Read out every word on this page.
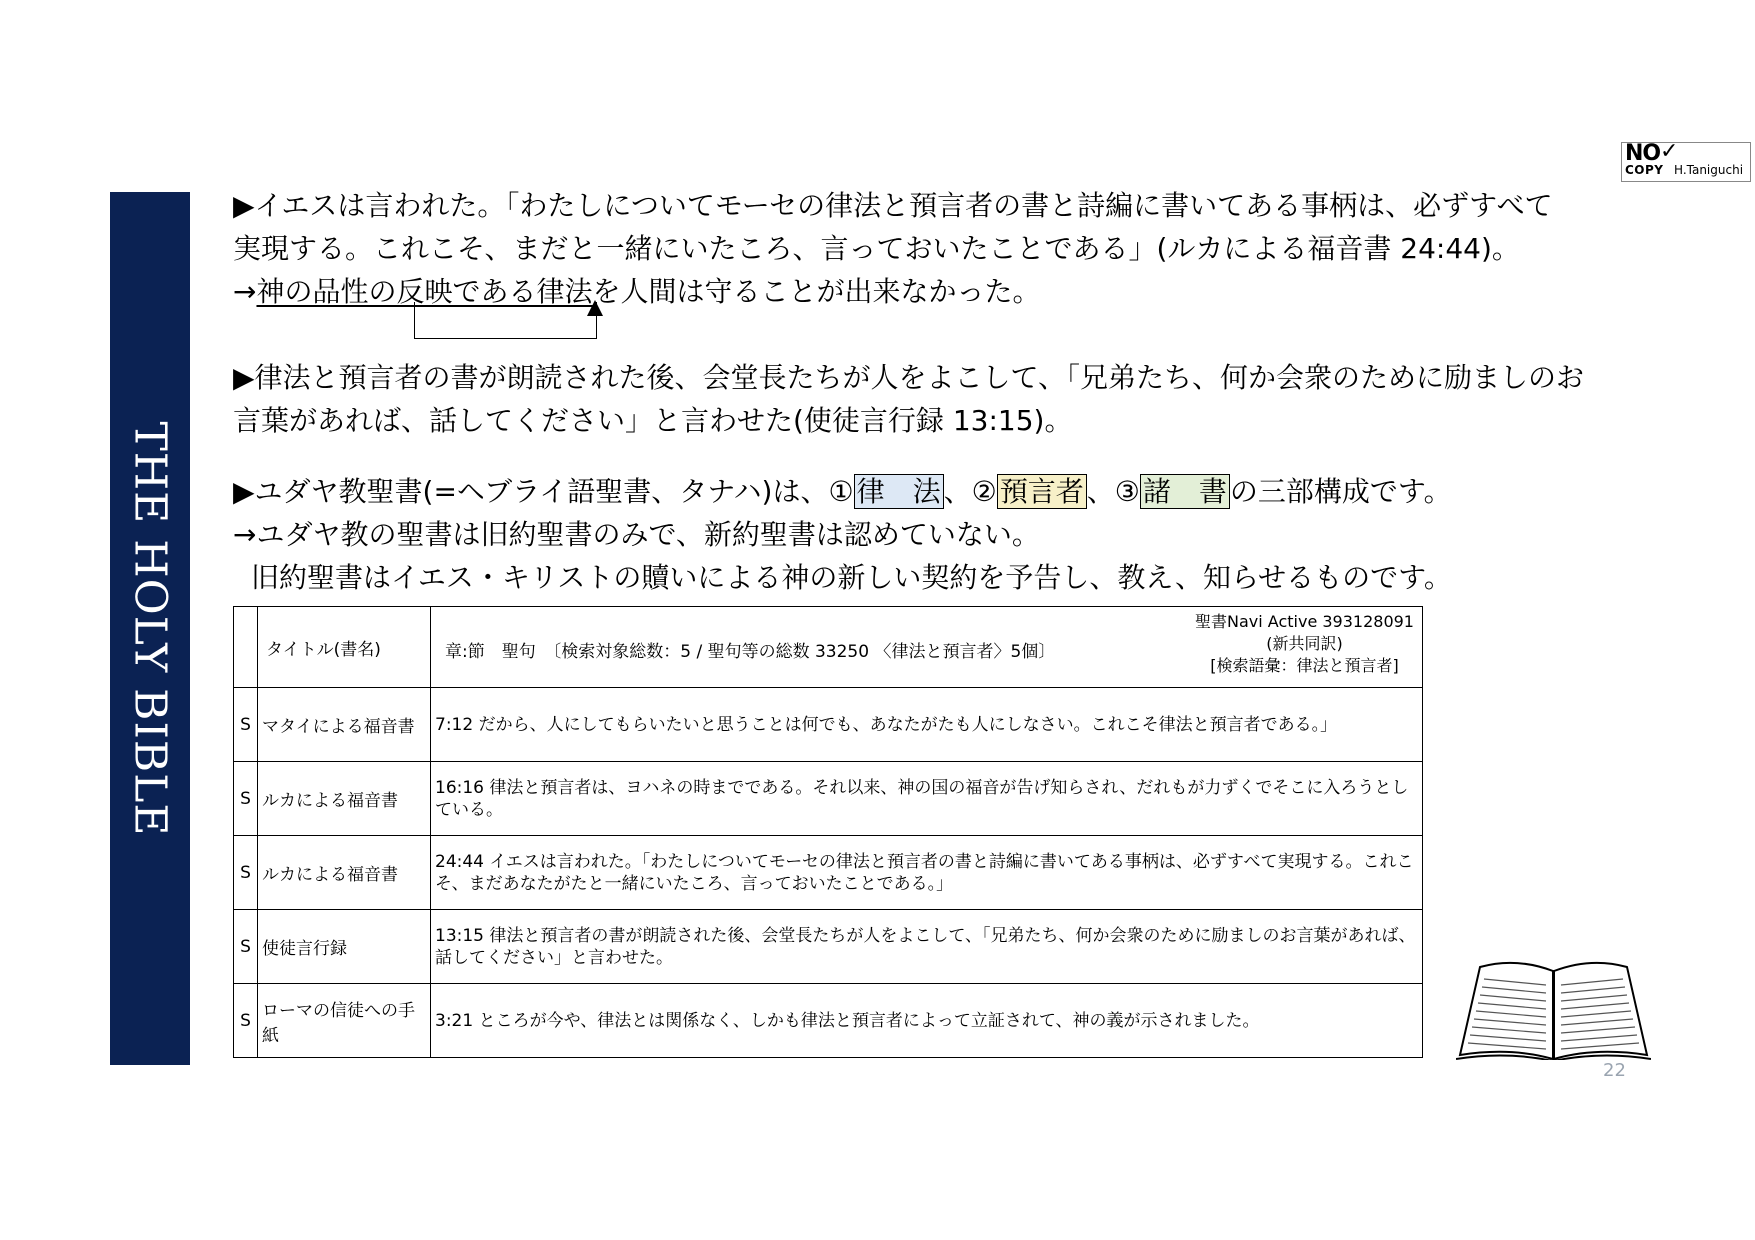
THE HOLY BIBLE
NO ✓
COPY H.Taniguchi
▶イエスは言われた。「わたしについてモーセの律法と預言者の書と詩編に書いてある事柄は、必ずすべて
実現する。これこそ、まだと一緒にいたころ、言っておいたことである」(ルカによる福音書 24:44)。
→神の品性の反映である律法を人間は守ることが出来なかった。
▶律法と預言者の書が朗読された後、会堂長たちが人をよこして、「兄弟たち、何か会衆のために励ましのお
言葉があれば、話してください」と言わせた(使徒言行録 13:15)。
▶ユダヤ教聖書(=ヘブライ語聖書、タナハ)は、① 律　法 、② 預言者 、③ 諸　書 の三部構成です。
→ユダヤ教の聖書は旧約聖書のみで、新約聖書は認めていない。
旧約聖書はイエス・キリストの贖いによる神の新しい契約を予告し、教え、知らせるものです。
	タイトル(書名)	章:節　聖句　〔検索対象総数：5 / 聖句等の総数 33250 〈律法と預言者〉5個〕
聖書Navi Active 393128091
(新共同訳)
[検索語彙：律法と預言者]

S	マタイによる福音書	7:12 だから、人にしてもらいたいと思うことは何でも、あなたがたも人にしなさい。これこそ律法と預言者である。」
S	ルカによる福音書	16:16 律法と預言者は、ヨハネの時までである。それ以来、神の国の福音が告げ知らされ、だれもが力ずくでそこに入ろうとしている。
S	ルカによる福音書	24:44 イエスは言われた。「わたしについてモーセの律法と預言者の書と詩編に書いてある事柄は、必ずすべて実現する。これこそ、まだあなたがたと一緒にいたころ、言っておいたことである。」
S	使徒言行録	13:15 律法と預言者の書が朗読された後、会堂長たちが人をよこして、「兄弟たち、何か会衆のために励ましのお言葉があれば、話してください」と言わせた。
S	ローマの信徒への手紙	3:21 ところが今や、律法とは関係なく、しかも律法と預言者によって立証されて、神の義が示されました。
22
